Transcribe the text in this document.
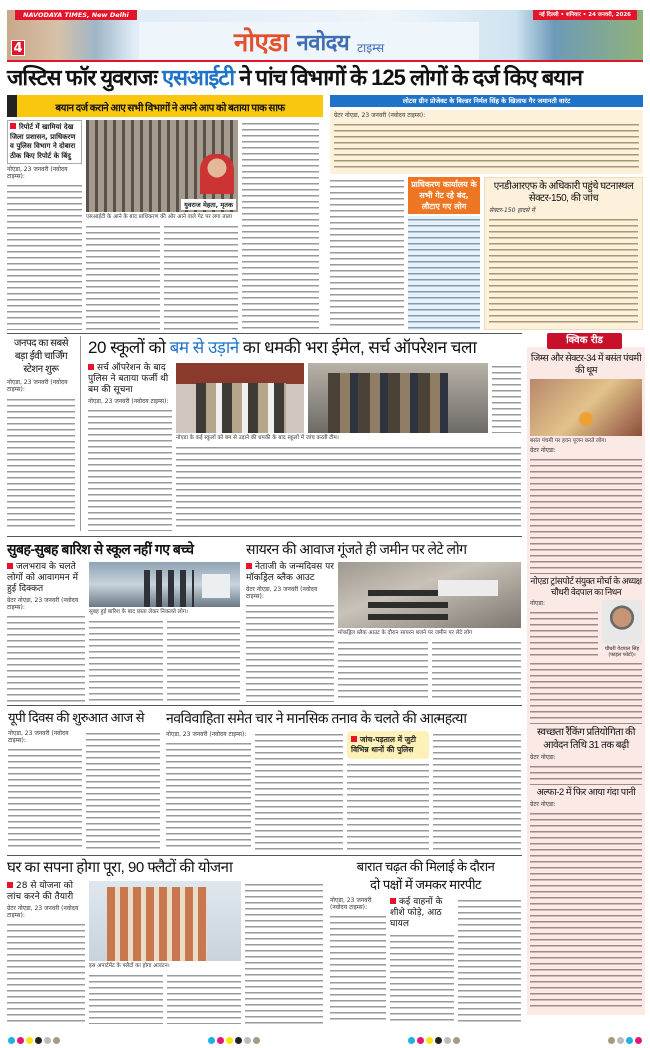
NAVODAYA TIMES, New Delhi
4	नोएडा नवोदय टाइम्स
नई दिल्ली • शनिवार • 24 जनवरी, 2026
जस्टिस फॉर युवराजः एसआईटी ने पांच विभागों के 125 लोगों के दर्ज किए बयान
बयान दर्ज कराने आए सभी विभागों ने अपने आप को बताया पाक साफ
रिपोर्ट में खामियां देख जिला प्रशासन, प्राधिकरण व पुलिस विभाग ने दोबारा ठीक किए रिपोर्ट के बिंदु
नोएडा, 23 जनवरी (नवोदय टाइम्स):
युवराज मेहता, मृतक
एसआईटी के आने के बाद प्राधिकरण की ओर आने वाले गेट पर लगा ताला
लोटस ग्रीन प्रोजेक्ट के बिल्डर निर्मल सिंह के खिलाफ गैर जमानती वारंट
ग्रेटर नोएडा, 23 जनवरी (नवोदय टाइम्स):
प्राधिकरण कार्यालय के सभी गेट रहे बंद, लौटाए गए लोग
एनडीआरएफ के अधिकारी पहुंचे घटनास्थल सेक्टर-150, की जांच
सेक्टर-150 हादसे में
जनपद का सबसे बड़ा ईवी चार्जिंग स्टेशन शुरू
नोएडा, 23 जनवरी (नवोदय टाइम्स):
20 स्कूलों को बम से उड़ाने का धमकी भरा ईमेल, सर्च ऑपरेशन चला
सर्च ऑपरेशन के बाद पुलिस ने बताया फर्जी थी बम की सूचना
नोएडा, 23 जनवरी (नवोदय टाइम्स):
नोएडा के कई स्कूलों को बम से उड़ाने की धमकी के बाद स्कूलों में जांच करती टीम।
जिम्स और सेक्टर-34 में बसंत पंचमी की धूम
बसंत पंचमी पर हवन पूजन करते लोग।
ग्रेटर नोएडा:
नोएडा ट्रांसपोर्ट संयुक्त मोर्चा के अध्यक्ष चौधरी वेदपाल का निधन
नोएडा:
चौधरी वेदपाल सिंह (फाइल फोटो)।
स्वच्छता रैंकिंग प्रतियोगिता की आवेदन तिथि 31 तक बढ़ी
ग्रेटर नोएडा:
अल्फा-2 में फिर आया गंदा पानी
ग्रेटर नोएडा:
क्विक रीड
सुबह-सुबह बारिश से स्कूल नहीं गए बच्चे
जलभराव के चलते लोगों को आवागमन में हुई दिक्कत
ग्रेटर नोएडा, 23 जनवरी (नवोदय टाइम्स):
सुबह हुई बारिश के बाद छाता लेकर निकलते लोग।
सायरन की आवाज गूंजते ही जमीन पर लेटे लोग
नेताजी के जन्मदिवस पर मॉकड्रिल ब्लैक आउट
ग्रेटर नोएडा, 23 जनवरी (नवोदय टाइम्स):
मॉकड्रिल ब्लैक आउट के दौरान सायरन बजने पर जमीन पर लेटे लोग
यूपी दिवस की शुरुआत आज से
नोएडा, 23 जनवरी (नवोदय टाइम्स):
नवविवाहिता समेत चार ने मानसिक तनाव के चलते की आत्महत्या
नोएडा, 23 जनवरी (नवोदय टाइम्स):
जांच-पड़ताल में जुटी विभिन्न थानों की पुलिस
घर का सपना होगा पूरा, 90 फ्लैटों की योजना
28 से योजना को लांच करने की तैयारी
ग्रेटर नोएडा, 23 जनवरी (नवोदय टाइम्स):
इस अपार्टमेंट के फ्लैटों का होगा आवंटन।
बारात चढ़त की मिलाई के दौरान
दो पक्षों में जमकर मारपीट
नोएडा, 23 जनवरी (नवोदय टाइम्स):
कई वाहनों के शीशे फोड़े, आठ घायल
